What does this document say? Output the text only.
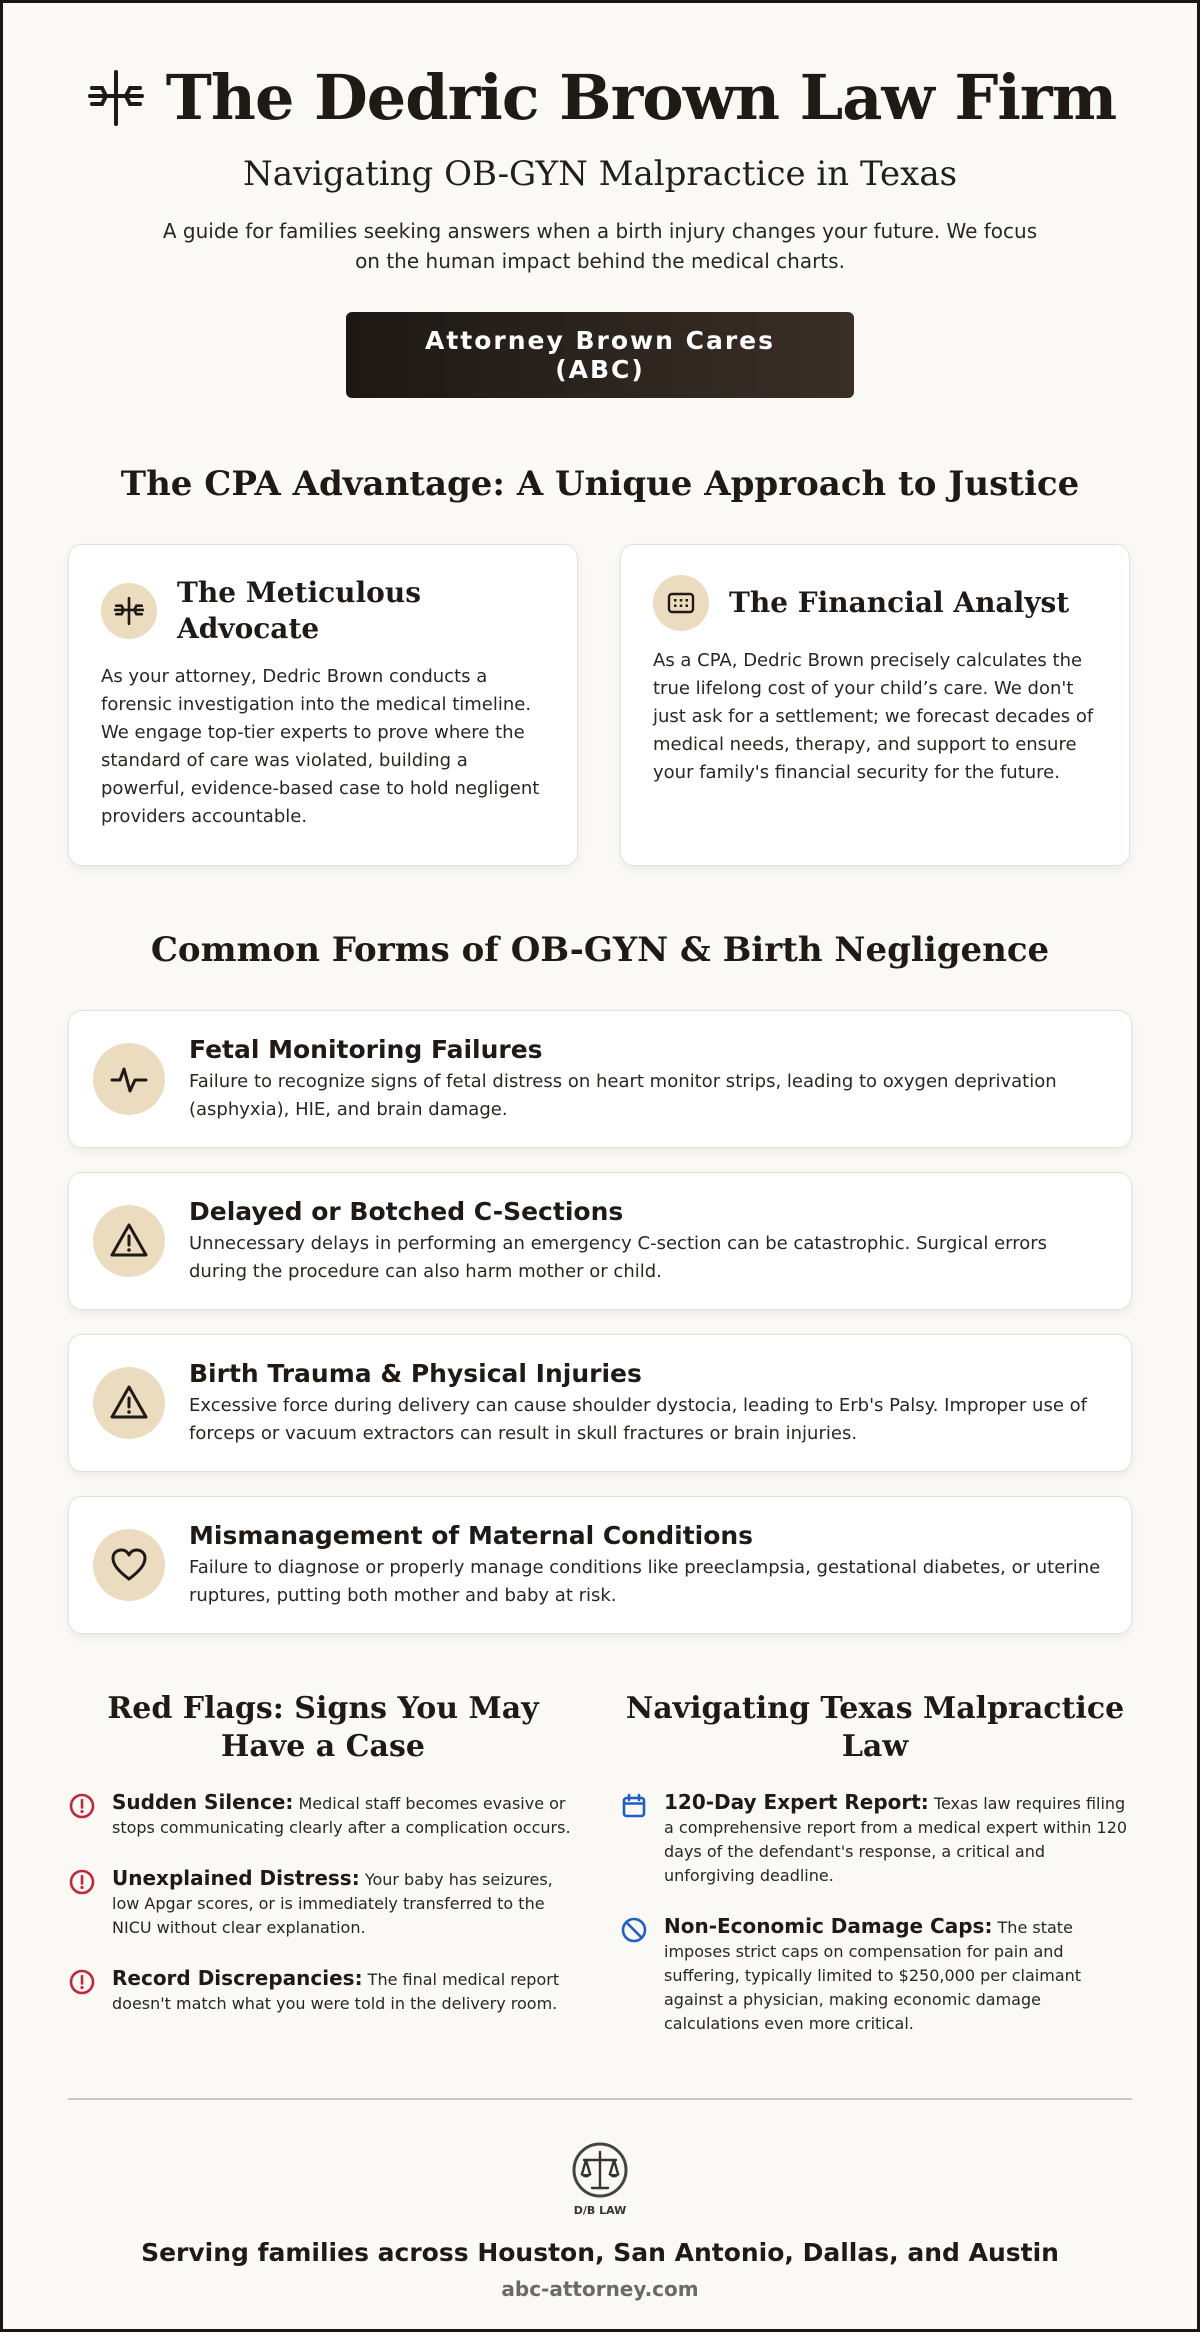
The Dedric Brown Law Firm
Navigating OB-GYN Malpractice in Texas

A guide for families seeking answers when a birth injury changes your future. We focus on the human impact behind the medical charts.

Attorney Brown Cares (ABC)
The CPA Advantage: A Unique Approach to Justice
The Meticulous Advocate

As your attorney, Dedric Brown conducts a forensic investigation into the medical timeline. We engage top-tier experts to prove where the standard of care was violated, building a powerful, evidence-based case to hold negligent providers accountable.

The Financial Analyst

As a CPA, Dedric Brown precisely calculates the true lifelong cost of your child’s care. We don't just ask for a settlement; we forecast decades of medical needs, therapy, and support to ensure your family's financial security for the future.

Common Forms of OB-GYN & Birth Negligence
Fetal Monitoring Failures

Failure to recognize signs of fetal distress on heart monitor strips, leading to oxygen deprivation (asphyxia), HIE, and brain damage.

Delayed or Botched C-Sections

Unnecessary delays in performing an emergency C-section can be catastrophic. Surgical errors during the procedure can also harm mother or child.

Birth Trauma & Physical Injuries

Excessive force during delivery can cause shoulder dystocia, leading to Erb's Palsy. Improper use of forceps or vacuum extractors can result in skull fractures or brain injuries.

Mismanagement of Maternal Conditions

Failure to diagnose or properly manage conditions like preeclampsia, gestational diabetes, or uterine ruptures, putting both mother and baby at risk.

Red Flags: Signs You May Have a Case
Sudden Silence: Medical staff becomes evasive or stops communicating clearly after a complication occurs.
Unexplained Distress: Your baby has seizures, low Apgar scores, or is immediately transferred to the NICU without clear explanation.
Record Discrepancies: The final medical report doesn't match what you were told in the delivery room.
Navigating Texas Malpractice Law
120-Day Expert Report: Texas law requires filing a comprehensive report from a medical expert within 120 days of the defendant's response, a critical and unforgiving deadline.
Non-Economic Damage Caps: The state imposes strict caps on compensation for pain and suffering, typically limited to $250,000 per claimant against a physician, making economic damage calculations even more critical.
D/B LAW
Serving families across Houston, San Antonio, Dallas, and Austin
abc-attorney.com
